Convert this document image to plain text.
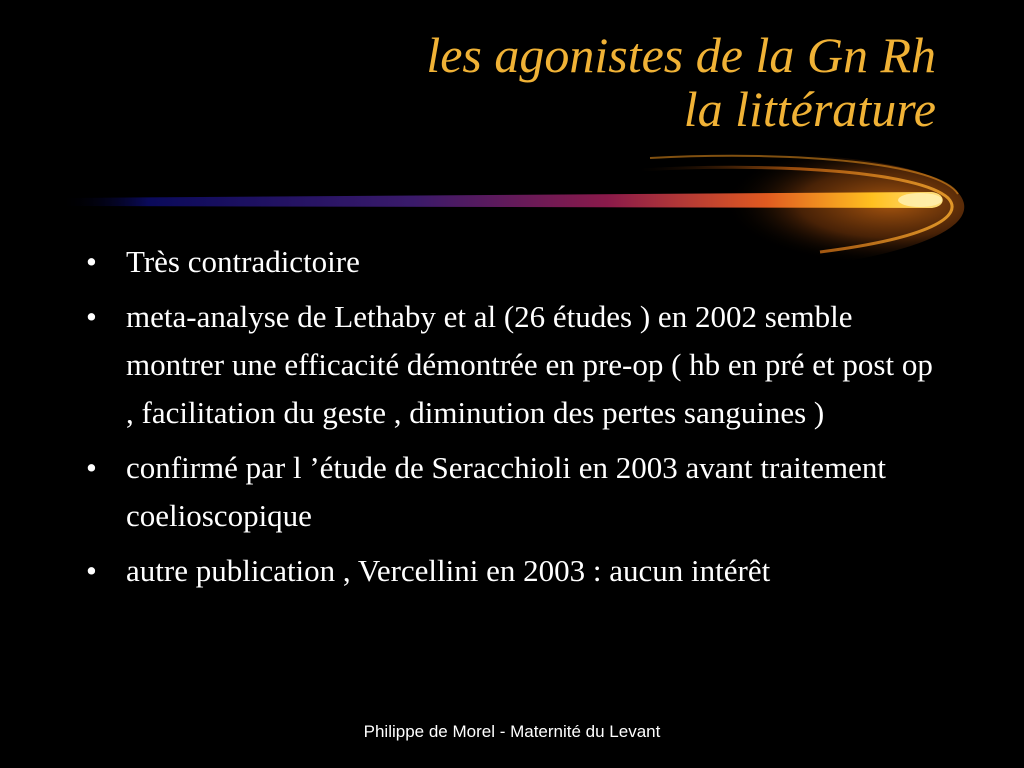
les agonistes de la Gn Rh
la littérature
• Très contradictoire
• meta-analyse de Lethaby et al (26 études ) en 2002 semble montrer une efficacité démontrée en pre-op ( hb en pré et post op , facilitation du geste , diminution des pertes sanguines )
• confirmé par l ’étude de Seracchioli en 2003 avant traitement coelioscopique
• autre publication , Vercellini en 2003 : aucun intérêt
Philippe de Morel - Maternité du Levant
